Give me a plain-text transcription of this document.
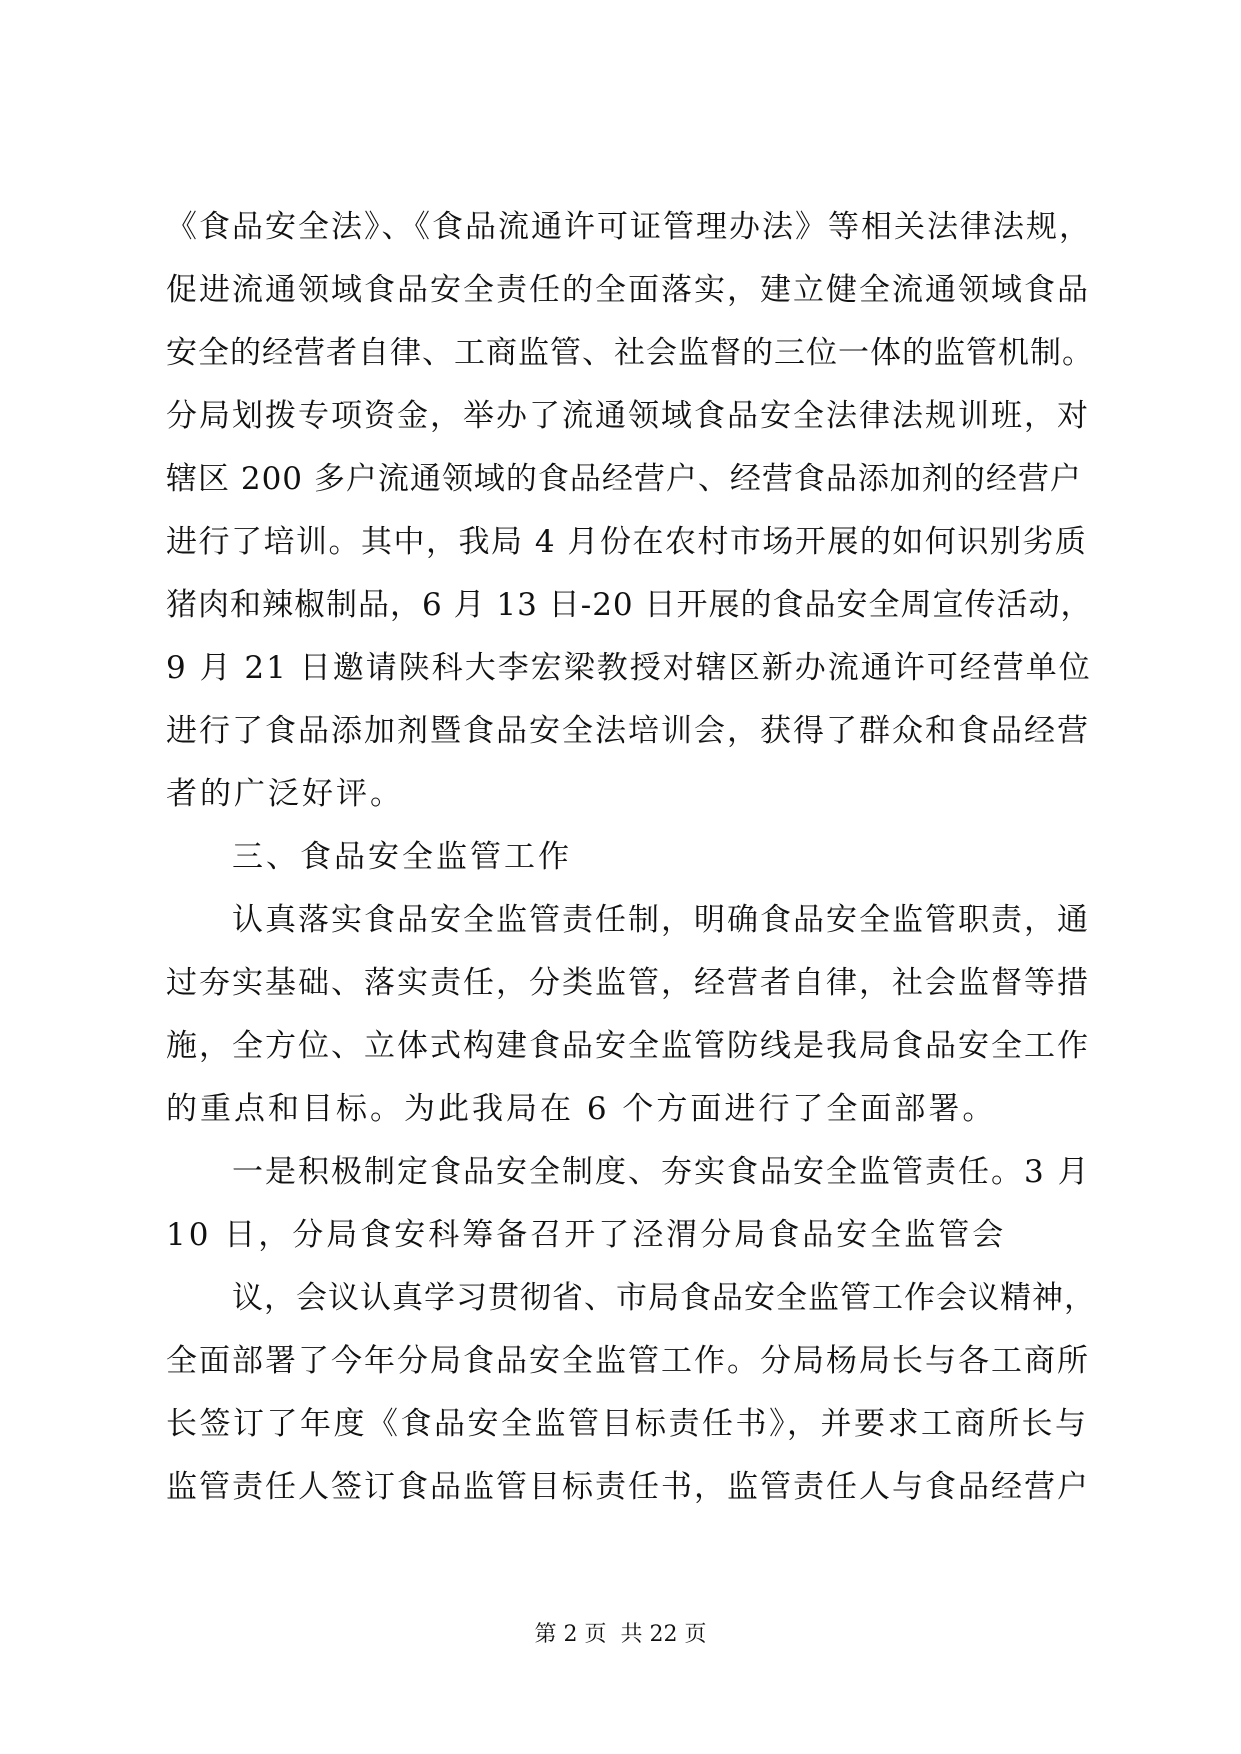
《食品安全法》、《食品流通许可证管理办法》等相关法律法规，
促进流通领域食品安全责任的全面落实，建立健全流通领域食品
安全的经营者自律、工商监管、社会监督的三位一体的监管机制。
分局划拨专项资金，举办了流通领域食品安全法律法规训班，对
辖区 200 多户流通领域的食品经营户、经营食品添加剂的经营户
进行了培训。其中，我局 4 月份在农村市场开展的如何识别劣质
猪肉和辣椒制品，6 月 13 日-20 日开展的食品安全周宣传活动，
9 月 21 日邀请陕科大李宏梁教授对辖区新办流通许可经营单位
进行了食品添加剂暨食品安全法培训会，获得了群众和食品经营
者的广泛好评。
三、食品安全监管工作
认真落实食品安全监管责任制，明确食品安全监管职责，通
过夯实基础、落实责任，分类监管，经营者自律，社会监督等措
施，全方位、立体式构建食品安全监管防线是我局食品安全工作
的重点和目标。为此我局在 6 个方面进行了全面部署。
一是积极制定食品安全制度、夯实食品安全监管责任。3 月
10 日，分局食安科筹备召开了泾渭分局食品安全监管会
议，会议认真学习贯彻省、市局食品安全监管工作会议精神，
全面部署了今年分局食品安全监管工作。分局杨局长与各工商所
长签订了年度《食品安全监管目标责任书》，并要求工商所长与
监管责任人签订食品监管目标责任书，监管责任人与食品经营户
第 2 页 共 22 页
